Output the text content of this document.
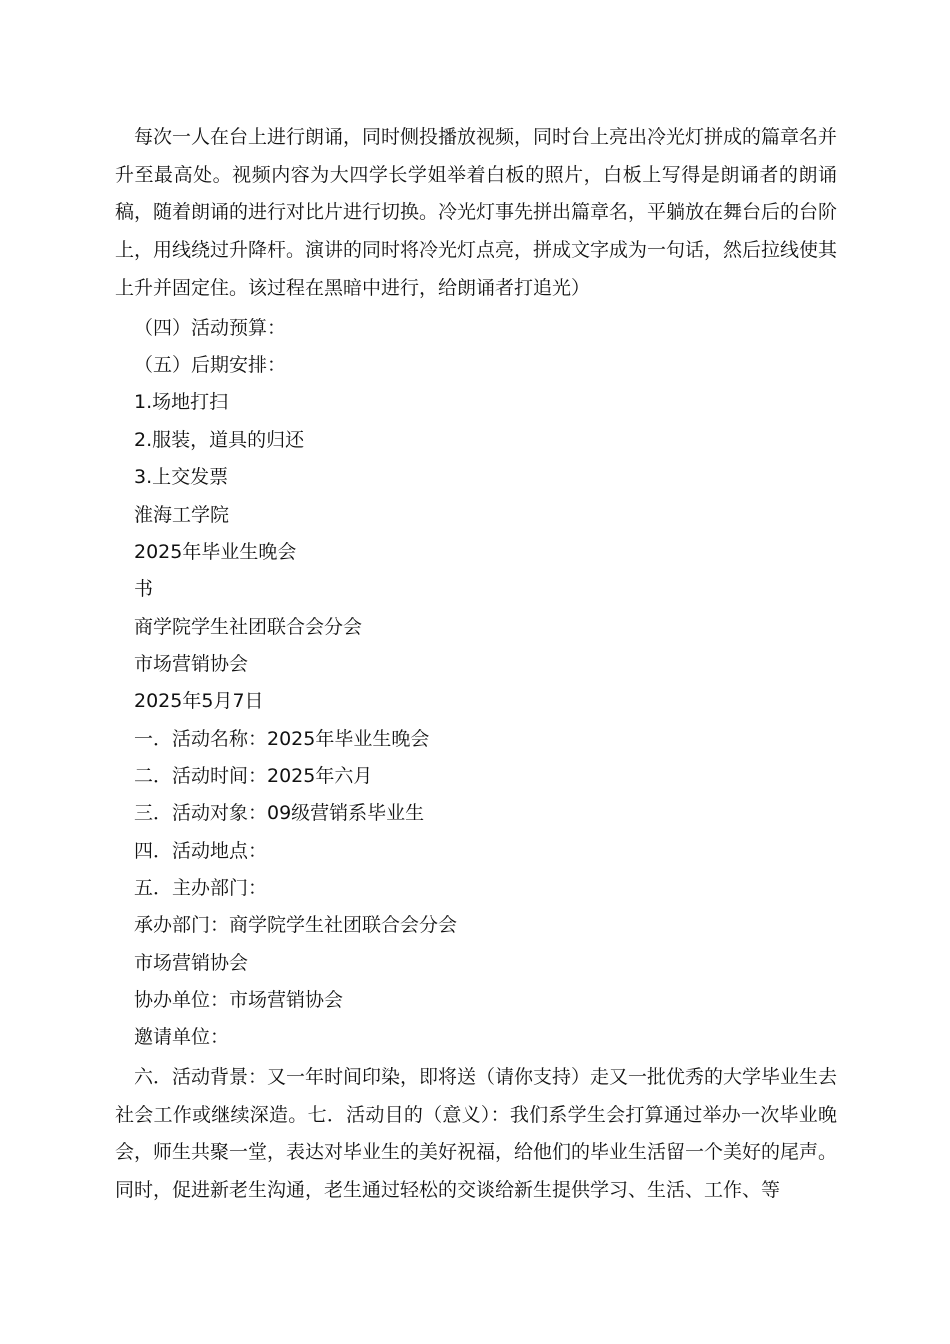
每次一人在台上进行朗诵，同时侧投播放视频，同时台上亮出冷光灯拼成的篇章名并升至最高处。视频内容为大四学长学姐举着白板的照片，白板上写得是朗诵者的朗诵稿，随着朗诵的进行对比片进行切换。冷光灯事先拼出篇章名，平躺放在舞台后的台阶上，用线绕过升降杆。演讲的同时将冷光灯点亮，拼成文字成为一句话，然后拉线使其上升并固定住。该过程在黑暗中进行，给朗诵者打追光）

（四）活动预算：

（五）后期安排：

1.场地打扫

2.服装，道具的归还

3.上交发票

淮海工学院

2025年毕业生晚会

书

商学院学生社团联合会分会

市场营销协会

2025年5月7日

一．活动名称：2025年毕业生晚会

二．活动时间：2025年六月

三．活动对象：09级营销系毕业生

四．活动地点：

五．主办部门：

承办部门：商学院学生社团联合会分会

市场营销协会

协办单位：市场营销协会

邀请单位：

六．活动背景：又一年时间印染，即将送（请你支持）走又一批优秀的大学毕业生去社会工作或继续深造。七．活动目的（意义）：我们系学生会打算通过举办一次毕业晚会，师生共聚一堂，表达对毕业生的美好祝福，给他们的毕业生活留一个美好的尾声。同时，促进新老生沟通，老生通过轻松的交谈给新生提供学习、生活、工作、等
